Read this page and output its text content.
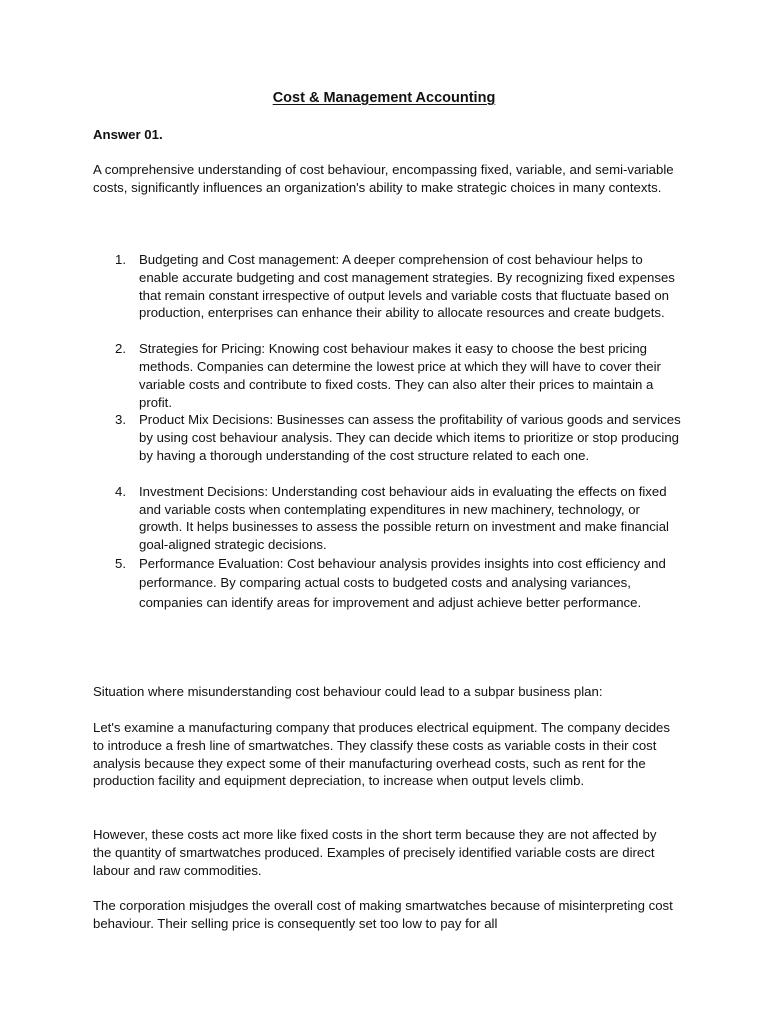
Cost & Management Accounting
Answer 01.

A comprehensive understanding of cost behaviour, encompassing fixed, variable, and semi-variable costs, significantly influences an organization's ability to make strategic choices in many contexts.

1. Budgeting and Cost management: A deeper comprehension of cost behaviour helps to enable accurate budgeting and cost management strategies. By recognizing fixed expenses that remain constant irrespective of output levels and variable costs that fluctuate based on production, enterprises can enhance their ability to allocate resources and create budgets.
2. Strategies for Pricing: Knowing cost behaviour makes it easy to choose the best pricing methods. Companies can determine the lowest price at which they will have to cover their variable costs and contribute to fixed costs. They can also alter their prices to maintain a profit.
3. Product Mix Decisions: Businesses can assess the profitability of various goods and services by using cost behaviour analysis. They can decide which items to prioritize or stop producing by having a thorough understanding of the cost structure related to each one.
4. Investment Decisions: Understanding cost behaviour aids in evaluating the effects on fixed and variable costs when contemplating expenditures in new machinery, technology, or growth. It helps businesses to assess the possible return on investment and make financial goal-aligned strategic decisions.
5. Performance Evaluation: Cost behaviour analysis provides insights into cost efficiency and performance. By comparing actual costs to budgeted costs and analysing variances, companies can identify areas for improvement and adjust achieve better performance.

Situation where misunderstanding cost behaviour could lead to a subpar business plan:

Let's examine a manufacturing company that produces electrical equipment. The company decides to introduce a fresh line of smartwatches. They classify these costs as variable costs in their cost analysis because they expect some of their manufacturing overhead costs, such as rent for the production facility and equipment depreciation, to increase when output levels climb.

However, these costs act more like fixed costs in the short term because they are not affected by the quantity of smartwatches produced. Examples of precisely identified variable costs are direct labour and raw commodities.

The corporation misjudges the overall cost of making smartwatches because of misinterpreting cost behaviour. Their selling price is consequently set too low to pay for all
